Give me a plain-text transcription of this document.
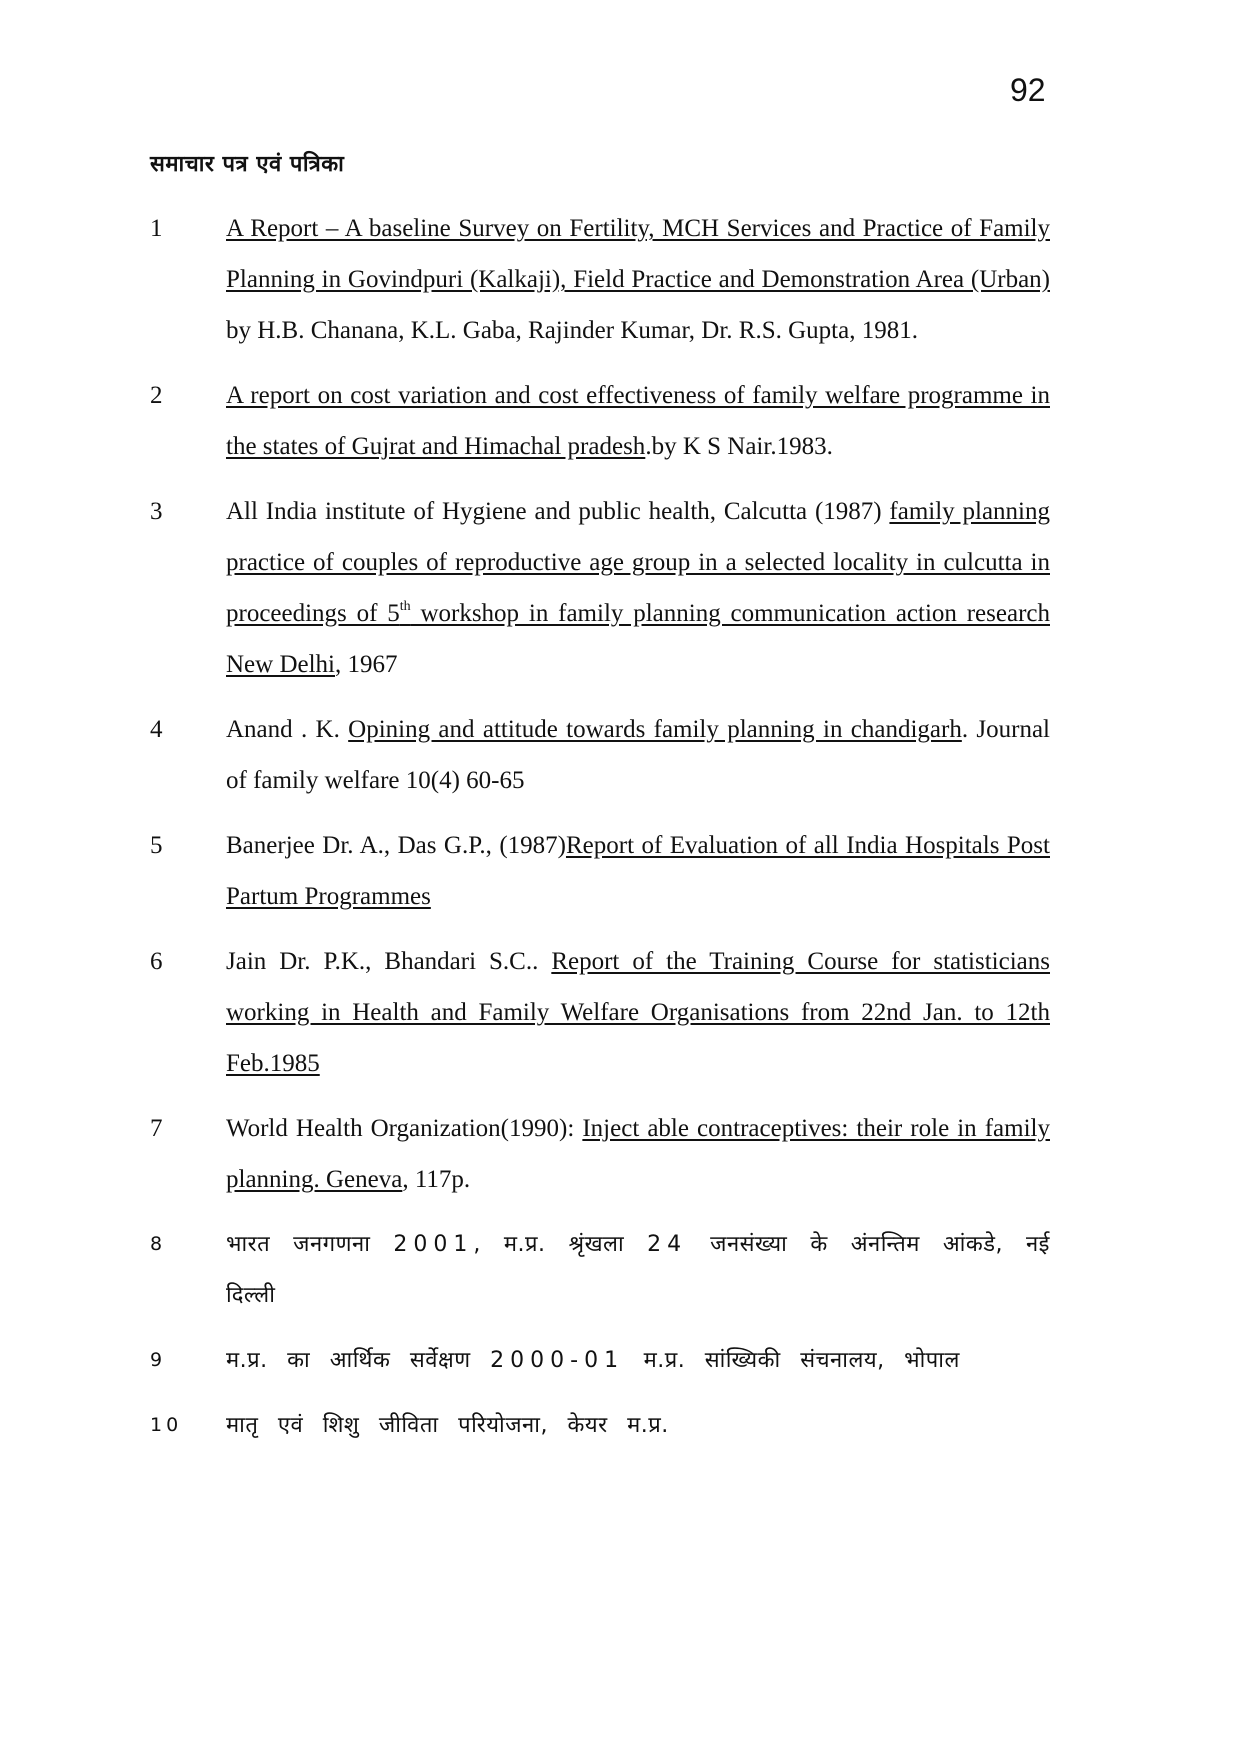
92
समाचार पत्र एवं पत्रिका
1	A Report – A baseline Survey on Fertility, MCH Services and Practice of Family Planning in Govindpuri (Kalkaji), Field Practice and Demonstration Area (Urban) by H.B. Chanana, K.L. Gaba, Rajinder Kumar, Dr. R.S. Gupta, 1981.
2	A report on cost variation and cost effectiveness of family welfare programme in the states of Gujrat and Himachal pradesh.by K S Nair.1983.
3	All India institute of Hygiene and public health, Calcutta (1987) family planning practice of couples of reproductive age group in a selected locality in culcutta in proceedings of 5th workshop in family planning communication action research New Delhi, 1967
4	Anand . K. Opining and attitude towards family planning in chandigarh. Journal of family welfare 10(4) 60-65
5	Banerjee Dr. A., Das G.P., (1987)Report of Evaluation of all India Hospitals Post Partum Programmes
6	Jain Dr. P.K., Bhandari S.C.. Report of the Training Course for statisticians working in Health and Family Welfare Organisations from 22nd Jan. to 12th Feb.1985
7	World Health Organization(1990): Inject able contraceptives: their role in family planning. Geneva, 117p.
8	भारत जनगणना 2001, म.प्र. श्रृंखला 24 जनसंख्या के अंनन्तिम आंकडे, नई दिल्ली
9	म.प्र. का आर्थिक सर्वेक्षण 2000-01 म.प्र. सांख्यिकी संचनालय, भोपाल
10	मातृ एवं शिशु जीविता परियोजना, केयर म.प्र.
